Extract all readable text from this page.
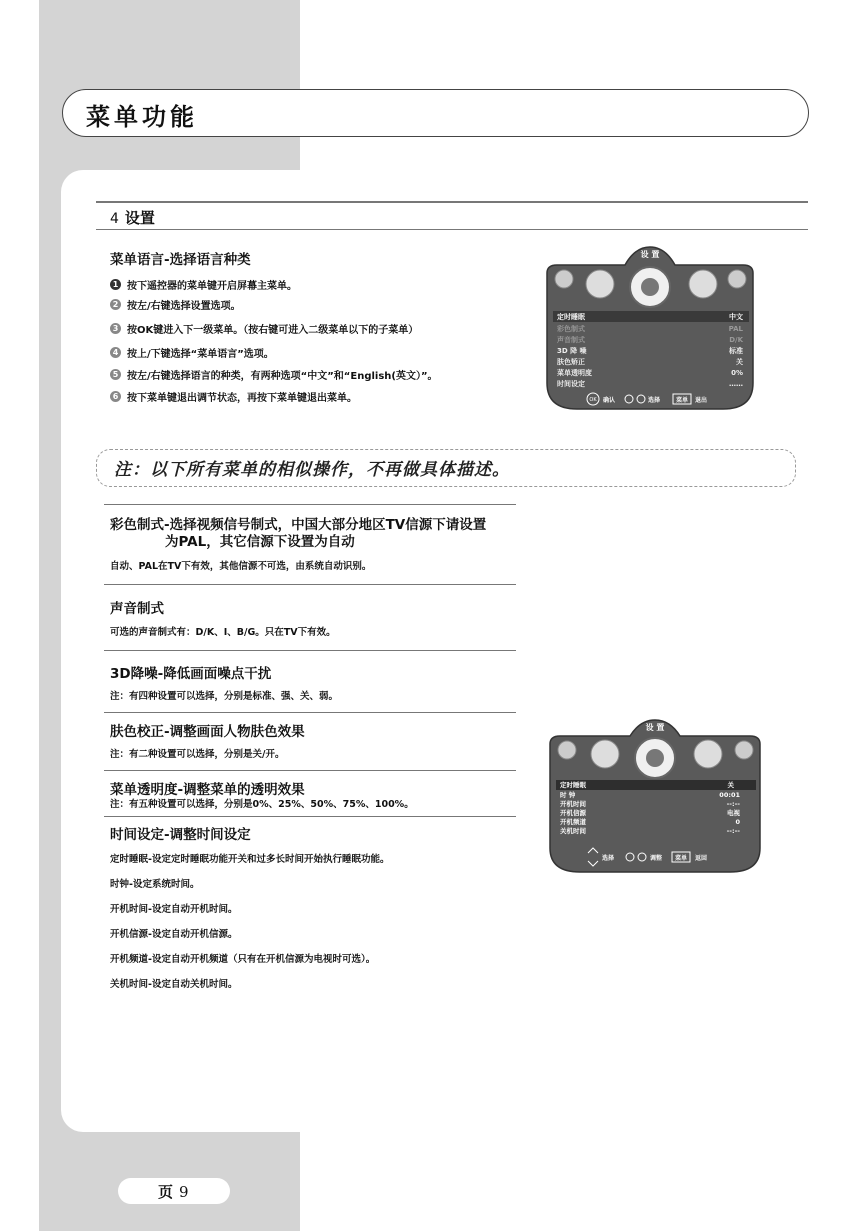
菜单功能
4 设置
菜单语言-选择语言种类
1 按下遥控器的菜单键开启屏幕主菜单。
2 按左/右键选择设置选项。
3 按OK键进入下一级菜单。（按右键可进入二级菜单以下的子菜单）
4 按上/下键选择“菜单语言”选项。
5 按左/右键选择语言的种类，有两种选项“中文”和“English(英文）”。
6 按下菜单键退出调节状态，再按下菜单键退出菜单。
设 置
定时睡眠	中文
彩色制式	PAL
声音制式	D/K
3D 降 噪	标准
肤色矫正	关
菜单透明度	0%
时间设定	……
OK 确认	选择	菜单 退出
注：以下所有菜单的相似操作，不再做具体描述。
彩色制式-选择视频信号制式，中国大部分地区TV信源下请设置
为PAL，其它信源下设置为自动
自动、PAL在TV下有效，其他信源不可选，由系统自动识别。
声音制式
可选的声音制式有：D/K、I、B/G。只在TV下有效。
3D降噪-降低画面噪点干扰
注：有四种设置可以选择，分别是标准、强、关、弱。
肤色校正-调整画面人物肤色效果
注：有二种设置可以选择，分别是关/开。
菜单透明度-调整菜单的透明效果
注：有五种设置可以选择，分别是0%、25%、50%、75%、100%。
时间设定-调整时间设定
定时睡眠-设定定时睡眠功能开关和过多长时间开始执行睡眠功能。
时钟-设定系统时间。
开机时间-设定自动开机时间。
开机信源-设定自动开机信源。
开机频道-设定自动开机频道（只有在开机信源为电视时可选）。
关机时间-设定自动关机时间。
设 置
定时睡眠	关
时 钟	00:01
开机时间	--:--
开机信源	电视
开机频道	0
关机时间	--:--
选择	调整 菜单 返回
页 9
